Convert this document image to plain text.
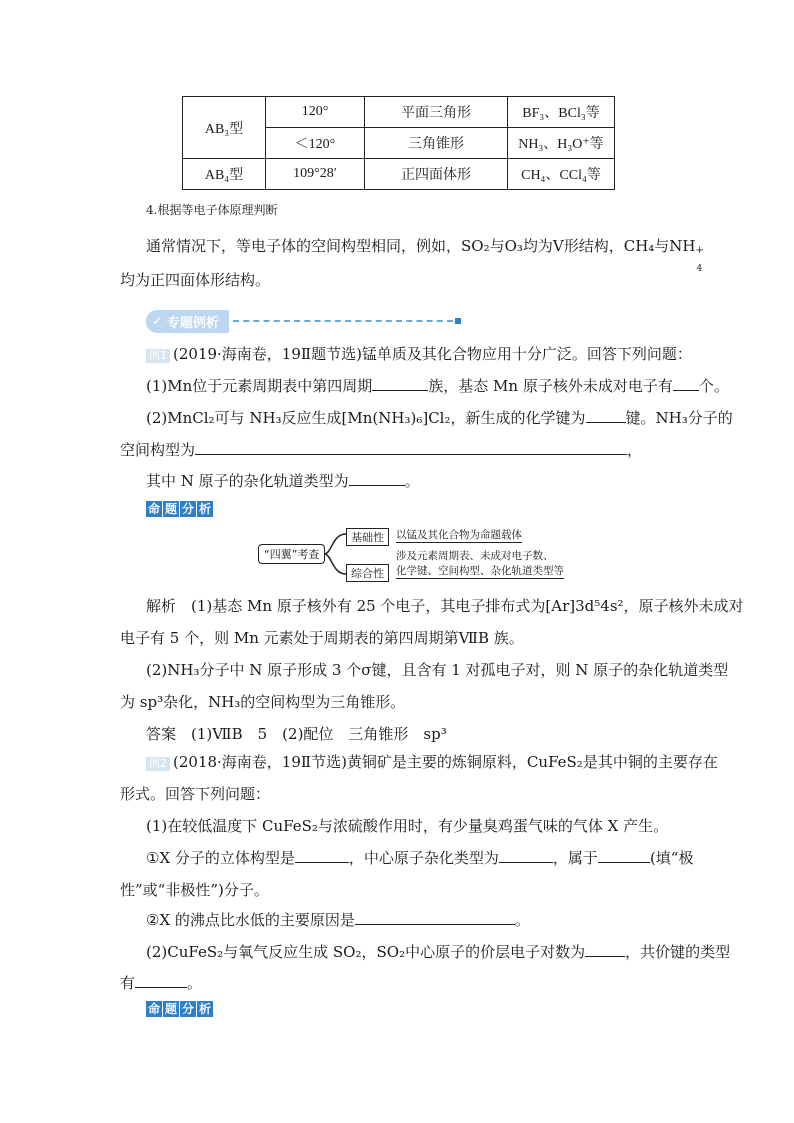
AB₃型	120°	平面三角形	BF₃、BCl₃等
	＜120°	三角锥形	NH₃、H₃O⁺等
AB₄型	109°28′	正四面体形	CH₄、CCl₄等
4.根据等电子体原理判断
通常情况下，等电子体的空间构型相同，例如，SO₂与O₃均为V形结构，CH₄与NH +
4
均为正四面体形结构。
✓ 专题例析
例1 (2019·海南卷，19Ⅱ题节选)锰单质及其化合物应用十分广泛。回答下列问题：
(1)Mn位于元素周期表中第四周期	族，基态 Mn 原子核外未成对电子有 个。
(2)MnCl₂可与 NH₃反应生成[Mn(NH₃)₆]Cl₂，新生成的化学键为	键。NH₃分子的
空间构型为	，
其中 N 原子的杂化轨道类型为	。
命 题 分 析
“四翼”考查
基础性	以锰及其化合物为命题载体
综合性
涉及元素周期表、未成对电子数、
化学键、空间构型、杂化轨道类型等
解析　(1)基态 Mn 原子核外有 25 个电子，其电子排布式为[Ar]3d⁵4s²，原子核外未成对
电子有 5 个，则 Mn 元素处于周期表的第四周期第ⅦB 族。
(2)NH₃分子中 N 原子形成 3 个σ键，且含有 1 对孤电子对，则 N 原子的杂化轨道类型
为 sp³杂化，NH₃的空间构型为三角锥形。
答案　(1)ⅦB　5　(2)配位　三角锥形　sp³
例2 (2018·海南卷，19Ⅱ节选)黄铜矿是主要的炼铜原料，CuFeS₂是其中铜的主要存在
形式。回答下列问题：
(1)在较低温度下 CuFeS₂与浓硫酸作用时，有少量臭鸡蛋气味的气体 X 产生。
①X 分子的立体构型是	，中心原子杂化类型为	，属于	(填“极
性”或“非极性”)分子。
②X 的沸点比水低的主要原因是	。
(2)CuFeS₂与氧气反应生成 SO₂，SO₂中心原子的价层电子对数为	，共价键的类型
有	。
命 题 分 析
